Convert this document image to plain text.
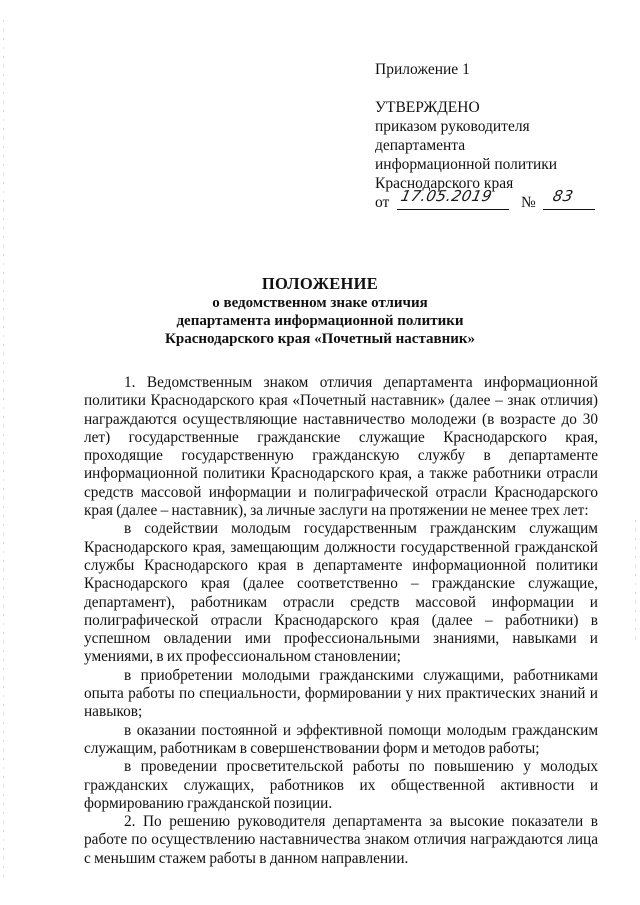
Приложение 1
УТВЕРЖДЕНО
приказом руководителя
департамента
информационной политики
Краснодарского края
от 17.05.2019 № 83
ПОЛОЖЕНИЕ
о ведомственном знаке отличия
департамента информационной политики
Краснодарского края «Почетный наставник»

1. Ведомственным знаком отличия департамента информационной политики Краснодарского края «Почетный наставник» (далее – знак отличия) награждаются осуществляющие наставничество молодежи (в возрасте до 30 лет) государственные гражданские служащие Краснодарского края, проходящие государственную гражданскую службу в департаменте информационной политики Краснодарского края, а также работники отрасли средств массовой информации и полиграфической отрасли Краснодарского края (далее – наставник), за личные заслуги на протяжении не менее трех лет:

в содействии молодым государственным гражданским служащим Краснодарского края, замещающим должности государственной гражданской службы Краснодарского края в департаменте информационной политики Краснодарского края (далее соответственно – гражданские служащие, департамент), работникам отрасли средств массовой информации и полиграфической отрасли Краснодарского края (далее – работники) в успешном овладении ими профессиональными знаниями, навыками и умениями, в их профессиональном становлении;

в приобретении молодыми гражданскими служащими, работниками опыта работы по специальности, формировании у них практических знаний и навыков;

в оказании постоянной и эффективной помощи молодым гражданским служащим, работникам в совершенствовании форм и методов работы;

в проведении просветительской работы по повышению у молодых гражданских служащих, работников их общественной активности и формированию гражданской позиции.

2. По решению руководителя департамента за высокие показатели в работе по осуществлению наставничества знаком отличия награждаются лица с меньшим стажем работы в данном направлении.
